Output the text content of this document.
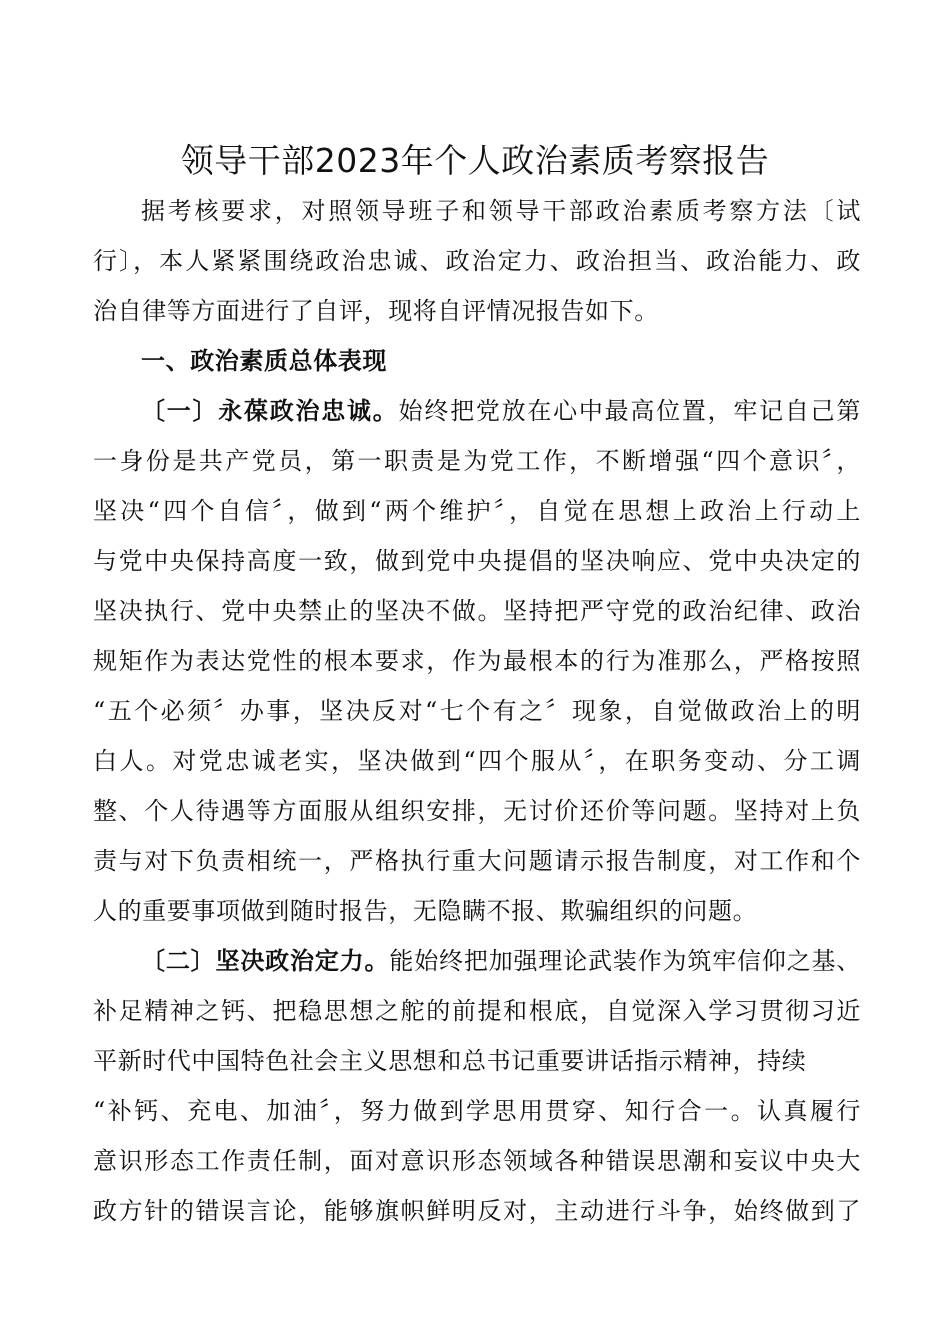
领导干部2023年个人政治素质考察报告
据考核要求，对照领导班子和领导干部政治素质考察方法〔试
行〕，本人紧紧围绕政治忠诚、政治定力、政治担当、政治能力、政
治自律等方面进行了自评，现将自评情况报告如下。
一、政治素质总体表现
〔一〕永葆政治忠诚。始终把党放在心中最高位置，牢记自己第
一身份是共产党员，第一职责是为党工作，不断增强“四个意识〞，
坚决“四个自信〞，做到“两个维护〞，自觉在思想上政治上行动上
与党中央保持高度一致，做到党中央提倡的坚决响应、党中央决定的
坚决执行、党中央禁止的坚决不做。坚持把严守党的政治纪律、政治
规矩作为表达党性的根本要求，作为最根本的行为准那么，严格按照
“五个必须〞办事，坚决反对“七个有之〞现象，自觉做政治上的明
白人。对党忠诚老实，坚决做到“四个服从〞，在职务变动、分工调
整、个人待遇等方面服从组织安排，无讨价还价等问题。坚持对上负
责与对下负责相统一，严格执行重大问题请示报告制度，对工作和个
人的重要事项做到随时报告，无隐瞒不报、欺骗组织的问题。
〔二〕坚决政治定力。能始终把加强理论武装作为筑牢信仰之基、
补足精神之钙、把稳思想之舵的前提和根底，自觉深入学习贯彻习近
平新时代中国特色社会主义思想和总书记重要讲话指示精神，持续
“补钙、充电、加油〞，努力做到学思用贯穿、知行合一。认真履行
意识形态工作责任制，面对意识形态领域各种错误思潮和妄议中央大
政方针的错误言论，能够旗帜鲜明反对，主动进行斗争，始终做到了
